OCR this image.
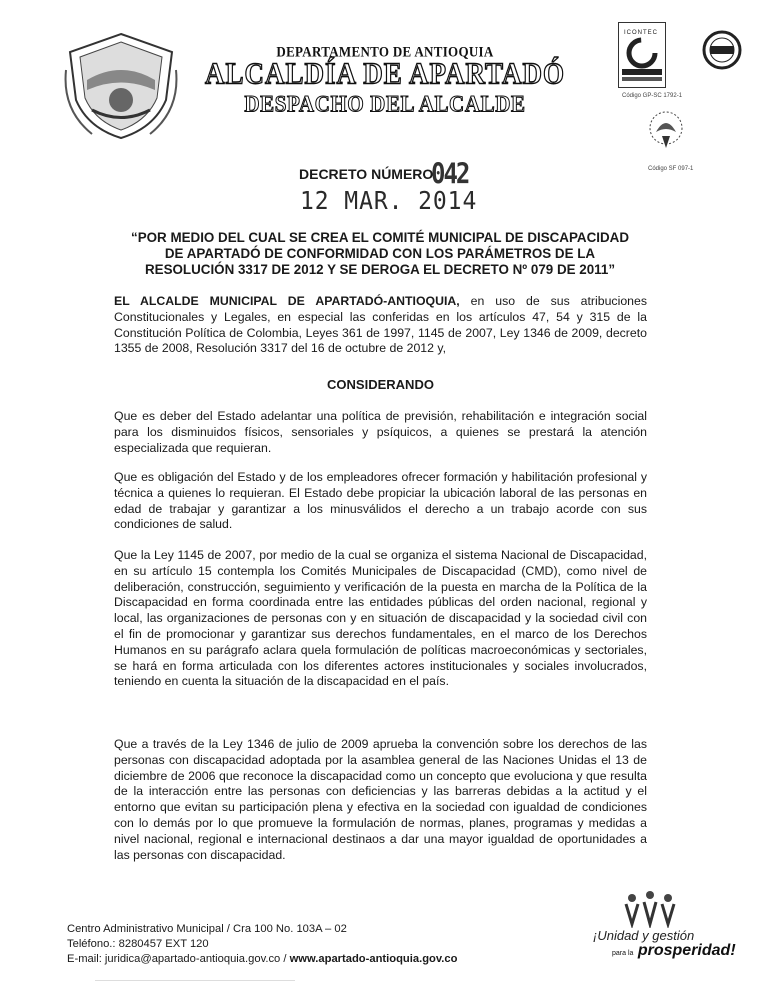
DEPARTAMENTO DE ANTIOQUIA
ALCALDÍA DE APARTADÓ
DESPACHO DEL ALCALDE
ICONTEC
Código GP-SC 1792-1
Código SF 097-1
DECRETO NÚMERO
042
12 MAR. 2014
“POR MEDIO DEL CUAL SE CREA EL COMITÉ MUNICIPAL DE DISCAPACIDAD
DE APARTADÓ DE CONFORMIDAD CON LOS PARÁMETROS DE LA
RESOLUCIÓN 3317 DE 2012 Y SE DEROGA EL DECRETO Nº 079 DE 2011”
EL ALCALDE MUNICIPAL DE APARTADÓ-ANTIOQUIA, en uso de sus atribuciones Constitucionales y Legales, en especial las conferidas en los artículos 47, 54 y 315 de la Constitución Política de Colombia, Leyes 361 de 1997, 1145 de 2007, Ley 1346 de 2009, decreto 1355 de 2008, Resolución 3317 del 16 de octubre de 2012 y,
CONSIDERANDO
Que es deber del Estado adelantar una política de previsión, rehabilitación e integración social para los disminuidos físicos, sensoriales y psíquicos, a quienes se prestará la atención especializada que requieran.
Que es obligación del Estado y de los empleadores ofrecer formación y habilitación profesional y técnica a quienes lo requieran. El Estado debe propiciar la ubicación laboral de las personas en edad de trabajar y garantizar a los minusválidos el derecho a un trabajo acorde con sus condiciones de salud.
Que la Ley 1145 de 2007, por medio de la cual se organiza el sistema Nacional de Discapacidad, en su artículo 15 contempla los Comités Municipales de Discapacidad (CMD), como nivel de deliberación, construcción, seguimiento y verificación de la puesta en marcha de la Política de la Discapacidad en forma coordinada entre las entidades públicas del orden nacional, regional y local, las organizaciones de personas con y en situación de discapacidad y la sociedad civil con el fin de promocionar y garantizar sus derechos fundamentales, en el marco de los Derechos Humanos en su parágrafo aclara quela formulación de políticas macroeconómicas y sectoriales, se hará en forma articulada con los diferentes actores institucionales y sociales involucrados, teniendo en cuenta la situación de la discapacidad en el país.
Que a través de la Ley 1346 de julio de 2009 aprueba la convención sobre los derechos de las personas con discapacidad adoptada por la asamblea general de las Naciones Unidas el 13 de diciembre de 2006 que reconoce la discapacidad como un concepto que evoluciona y que resulta de la interacción entre las personas con deficiencias y las barreras debidas a la actitud y el entorno que evitan su participación plena y efectiva en la sociedad con igualdad de condiciones con lo demás por lo que promueve la formulación de normas, planes, programas y medidas a nivel nacional, regional e internacional destinaos a dar una mayor igualdad de oportunidades a las personas con discapacidad.
Centro Administrativo Municipal / Cra 100 No. 103A – 02
Teléfono.: 8280457 EXT 120
E-mail: juridica@apartado-antioquia.gov.co / www.apartado-antioquia.gov.co
¡Unidad y gestión
para la prosperidad!
